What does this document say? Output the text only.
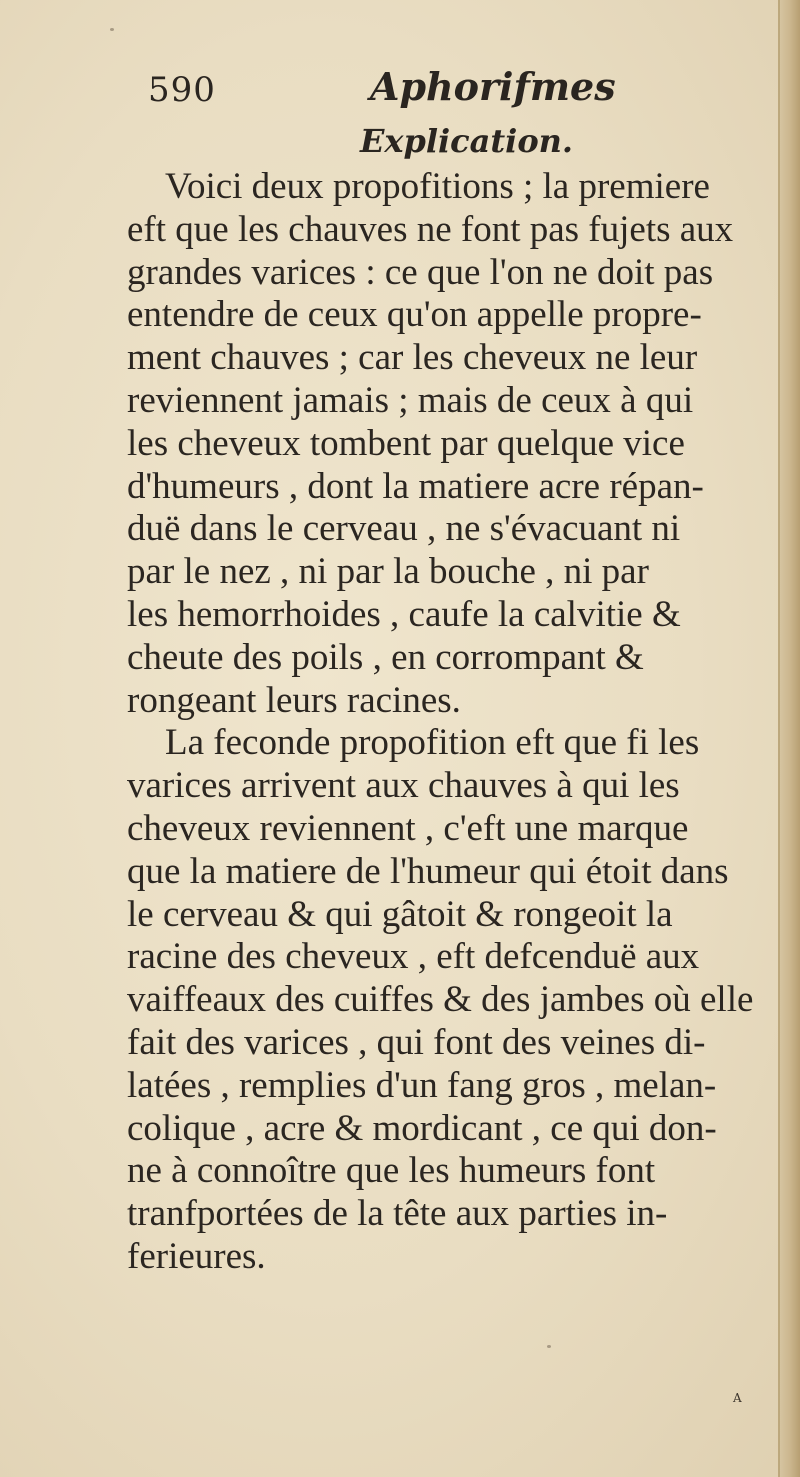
590	Aphorifmes
Explication.
Voici deux propofitions ; la premiere
eft que les chauves ne font pas fujets aux
grandes varices : ce que l'on ne doit pas
entendre de ceux qu'on appelle propre-
ment chauves ; car les cheveux ne leur
reviennent jamais ; mais de ceux à qui
les cheveux tombent par quelque vice
d'humeurs , dont la matiere acre répan-
duë dans le cerveau , ne s'évacuant ni
par le nez , ni par la bouche , ni par
les hemorrhoides , caufe la calvitie &
cheute des poils , en corrompant &
rongeant leurs racines.
La feconde propofition eft que fi les
varices arrivent aux chauves à qui les
cheveux reviennent , c'eft une marque
que la matiere de l'humeur qui étoit dans
le cerveau & qui gâtoit & rongeoit la
racine des cheveux , eft defcenduë aux
vaiffeaux des cuiffes & des jambes où elle
fait des varices , qui font des veines di-
latées , remplies d'un fang gros , melan-
colique , acre & mordicant , ce qui don-
ne à connoître que les humeurs font
tranfportées de la tête aux parties in-
ferieures.
A
